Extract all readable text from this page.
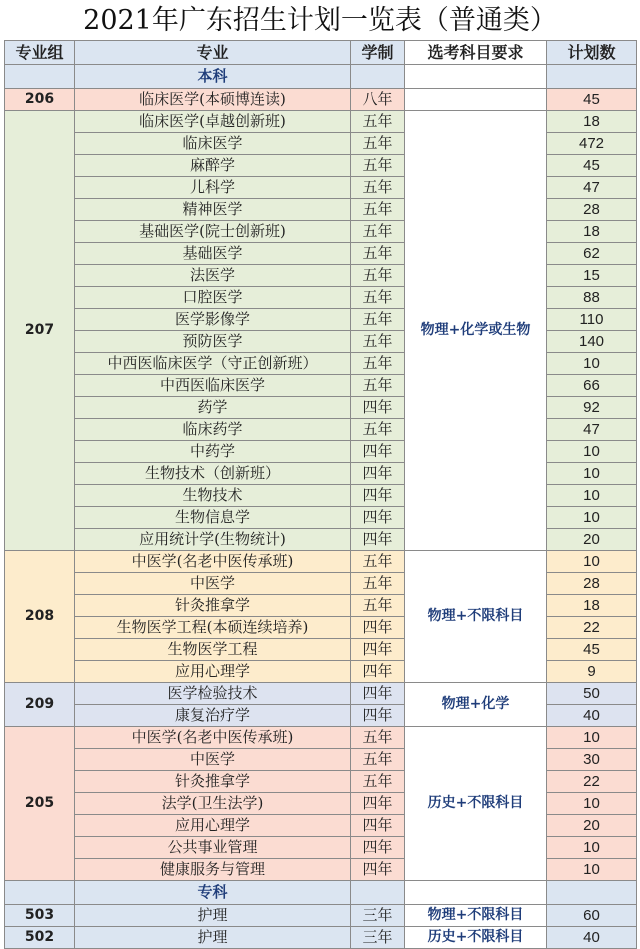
2021年广东招生计划一览表（普通类）
专业组	专业	学制	选考科目要求	计划数
	本科			
206	临床医学(本硕博连读)	八年		45
207	临床医学(卓越创新班)	五年	物理+化学或生物	18
	临床医学	五年		472
	麻醉学	五年		45
	儿科学	五年		47
	精神医学	五年		28
	基础医学(院士创新班)	五年		18
	基础医学	五年		62
	法医学	五年		15
	口腔医学	五年		88
	医学影像学	五年		110
	预防医学	五年		140
	中西医临床医学（守正创新班）	五年		10
	中西医临床医学	五年		66
	药学	四年		92
	临床药学	五年		47
	中药学	四年		10
	生物技术（创新班）	四年		10
	生物技术	四年		10
	生物信息学	四年		10
	应用统计学(生物统计)	四年		20
208	中医学(名老中医传承班)	五年	物理+不限科目	10
	中医学	五年		28
	针灸推拿学	五年		18
	生物医学工程(本硕连续培养)	四年		22
	生物医学工程	四年		45
	应用心理学	四年		9
209	医学检验技术	四年	物理+化学	50
	康复治疗学	四年		40
205	中医学(名老中医传承班)	五年	历史+不限科目	10
	中医学	五年		30
	针灸推拿学	五年		22
	法学(卫生法学)	四年		10
	应用心理学	四年		20
	公共事业管理	四年		10
	健康服务与管理	四年		10
	专科			
503	护理	三年	物理+不限科目	60
502	护理	三年	历史+不限科目	40
